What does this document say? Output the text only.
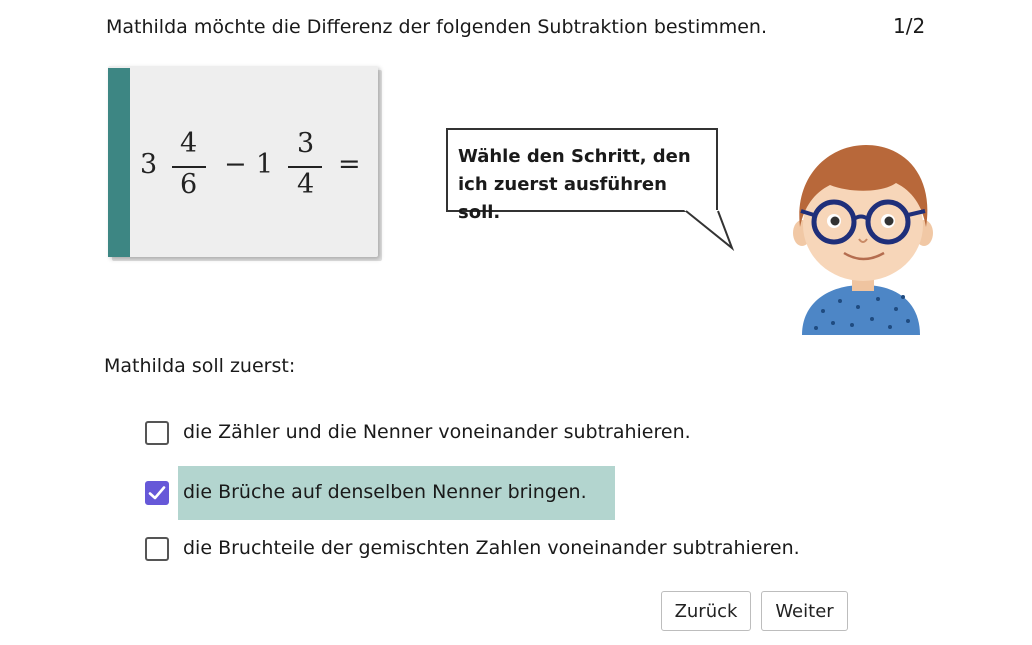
Mathilda möchte die Differenz der folgenden Subtraktion bestimmen.	1/2
3
4
6
− 1
3
4
=	Wähle den Schritt, den
ich zuerst ausführen soll.
Mathilda soll zuerst:
die Zähler und die Nenner voneinander subtrahieren.
die Brüche auf denselben Nenner bringen.
die Bruchteile der gemischten Zahlen voneinander subtrahieren.
Zurück	Weiter
